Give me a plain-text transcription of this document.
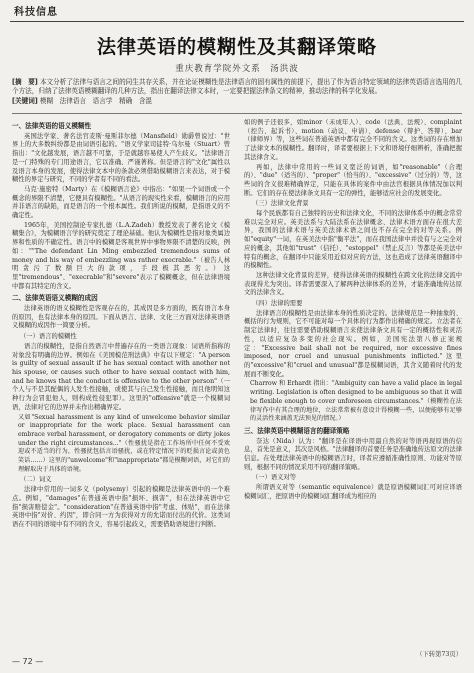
科技信息
法律英语的模糊性及其翻译策略
重庆教育学院外文系　汤洪波

[摘　要] 本文分析了法律与语言之间的同生共存关系，并在论证模糊性是法律语言的固有属性的前提下，提出了作为语言特定领域的法律英语语言选用的几个方法，归纳了法律英语模糊翻译的几种方法，指出在翻译法律文本时，一定要把握法律条文的精神，推动法律的科学化发展。

[关键词] 模糊　法律语言　语言学　精确　含混

一、法律英语的语义模糊性

英国法学家、著名法官麦斯·曼斯菲尔德（Mansfield）勋爵曾说过："世界上的大多数纠纷都是由词语引起的。"语义学家司徒特·乌尔曼（Stuart）曾指出："文化越发展，语言越不可靠，于是就越容易使人产生歧义。"法律语言是一门特殊的专门用途语言，它以准确、严谨著称。但是语言的"文化"属性以及语言本身的发展，使得法律文本中的条款必须借助模糊语言来表达，对于模糊性的界定与研究，不同的学者有不同的看法。

马克·施密特（Marty）在《模糊语言论》中指出："如果一个词语或一个概念的界限不清楚，它便具有模糊性。"从语言的现实性来看，模糊语言的应用并非语言的缺陷，而是语言的一个根本属性。我们所说的模糊，是指语义的不确定性。

1965年，美国控制论专家扎德（L.A.Zadeh）教授发表了著名论文《模糊集合》，为模糊语言学的研究奠定了理论基础。他认为模糊性是指对象类属边界和性质的不确定性。语言中的模糊是客观世界中事物界限不清楚的反映，例如：""The defendant Lin Ming embezzled tremendous sums of money and his way of embezzling was rather execrable."（被告人林明贪污了数额巨大的款项，手段极其恶劣。）这里"tremendous"、"execrable"和"severe"表示了模糊概念，但在法律语境中都有其特定的含义。

二、法律英语语义模糊的成因

法律英语的语义模糊性是客观存在的，其成因是多方面的，既有语言本身的原因，也有法律本身的原因。下面从语言、法律、文化三方面对法律英语语义模糊的成因作一简要分析。

（一）语言的模糊性

语言的模糊性，是指自然语言中普遍存在的一类语言现象：词语所指称的对象没有明确的边界。例如在《美国模范刑法典》中有以下规定："A person is guilty of sexual assault if he has sexual contact with another not his spouse, or causes such other to have sexual contact with him, and he knows that the conduct is offensive to the other person"（一个人与不是其配偶的人发生性接触，或使其与自己发生性接触，而且他明知这种行为会冒犯他人，则构成性侵犯罪）。这里的"offensive"就是一个模糊词语，法律对它的边界并未作出精确界定。

又如"Sexual harassment is any kind of unwelcome behavior similar or inappropriate for the work place. Sexual harassment can embrace verbal harassment, or derogatory comments or dirty jokes under the right circumstances..."（性骚扰是指在工作场所中任何不受欢迎或不适当的行为，性骚扰包括言语骚扰，或在特定情况下的贬损言论或黄色笑话……）这里的"unwelcome"和"inappropriate"都是模糊词语，对它们的理解取决于具体的语境。

（二）词义

法律中常用的一词多义（polysemy）引起的模糊是法律英语中的一个难点。例如，"damages"在普通英语中指"损坏、损害"，但在法律英语中它指"损害赔偿金"。"consideration"在普通英语中指"考虑、体贴"，而在法律英语中指"对价、约因"，即合同一方为获得对方的允诺而付出的代价。这类词语在不同的语境中有不同的含义，容易引起歧义，需要借助语境进行判断。

如的例子还很多，如minor（未成年人）、code（法典、法规）、complaint（控告、起诉书）、motion（动议、申请）、defense（辩护、答辩）、bar（律师界）等，这些词在普通英语中都有完全不同的含义。这类词的存在增加了法律文本的模糊性。翻译时，译者要根据上下文和语境仔细辨析，准确把握其法律含义。

再如，法律中常用的一些词义宽泛的词语，如"reasonable"（合理的）、"due"（适当的）、"proper"（恰当的）、"excessive"（过分的）等，这些词的含义很难精确界定，只能在具体的案件中由法官根据具体情况加以判断。它们的存在使法律条文具有一定的弹性，能够适应社会的发展变化。

（三）法律文化背景

每个民族都有自己独特的历史和法律文化，不同的法律体系中的概念常常难以完全对应。英美法系与大陆法系在法律概念、法律术语方面存在很大差异，我国的法律术语与英美法律术语之间也不存在完全的对等关系。例如"equity"一词，在英美法中指"衡平法"，而在我国法律中并没有与之完全对应的概念，其他如"trust"（信托）、"estoppel"（禁止反言）等都是英美法中特有的概念，在翻译中只能采用近似对应的方法，这也造成了法律英语翻译中的模糊性。

这种法律文化背景的差异，使得法律英语的模糊性在跨文化的法律交流中表现得尤为突出。译者需要深入了解两种法律体系的差异，才能准确地传达原文的法律含义。

（四）法律的需要

法律语言的模糊性是由法律本身的性质决定的。法律规范是一种抽象的、概括的行为规则，它不可能对每一个具体的行为都作出精确的规定。立法者在制定法律时，往往需要借助模糊语言来使法律条文具有一定的概括性和灵活性，以适应复杂多变的社会现实。例如，美国宪法第八修正案规定："Excessive bail shall not be required, nor excessive fines imposed, nor cruel and unusual punishments inflicted."这里的"excessive"和"cruel and unusual"都是模糊词语，其含义随着时代的发展而不断变化。

Charrow 和 Erhardt 指出："Ambiguity can have a valid place in legal writing. Legislation is often designed to be ambiguous so that it will be flexible enough to cover unforeseen circumstances."（模糊性在法律写作中有其合理的地位，立法常常被有意设计得模糊一些，以便能够有足够的灵活性来涵盖无法预见的情况。）

三、法律英语中模糊语言的翻译策略

奈达（Nida）认为："翻译是在译语中用最自然的对等语再现原语的信息，首先是意义，其次是风格。"法律翻译的首要任务是准确地传达原文的法律信息。在处理法律英语中的模糊语言时，译者应遵循准确性原则、功能对等原则，根据不同的情况采用不同的翻译策略。

（一）语义对等

所谓语义对等（semantic equivalence）就是原语模糊词汇可对应译语模糊词汇，把原语中的模糊词汇翻译成为相应的

（下转第73页）
— 72 —
